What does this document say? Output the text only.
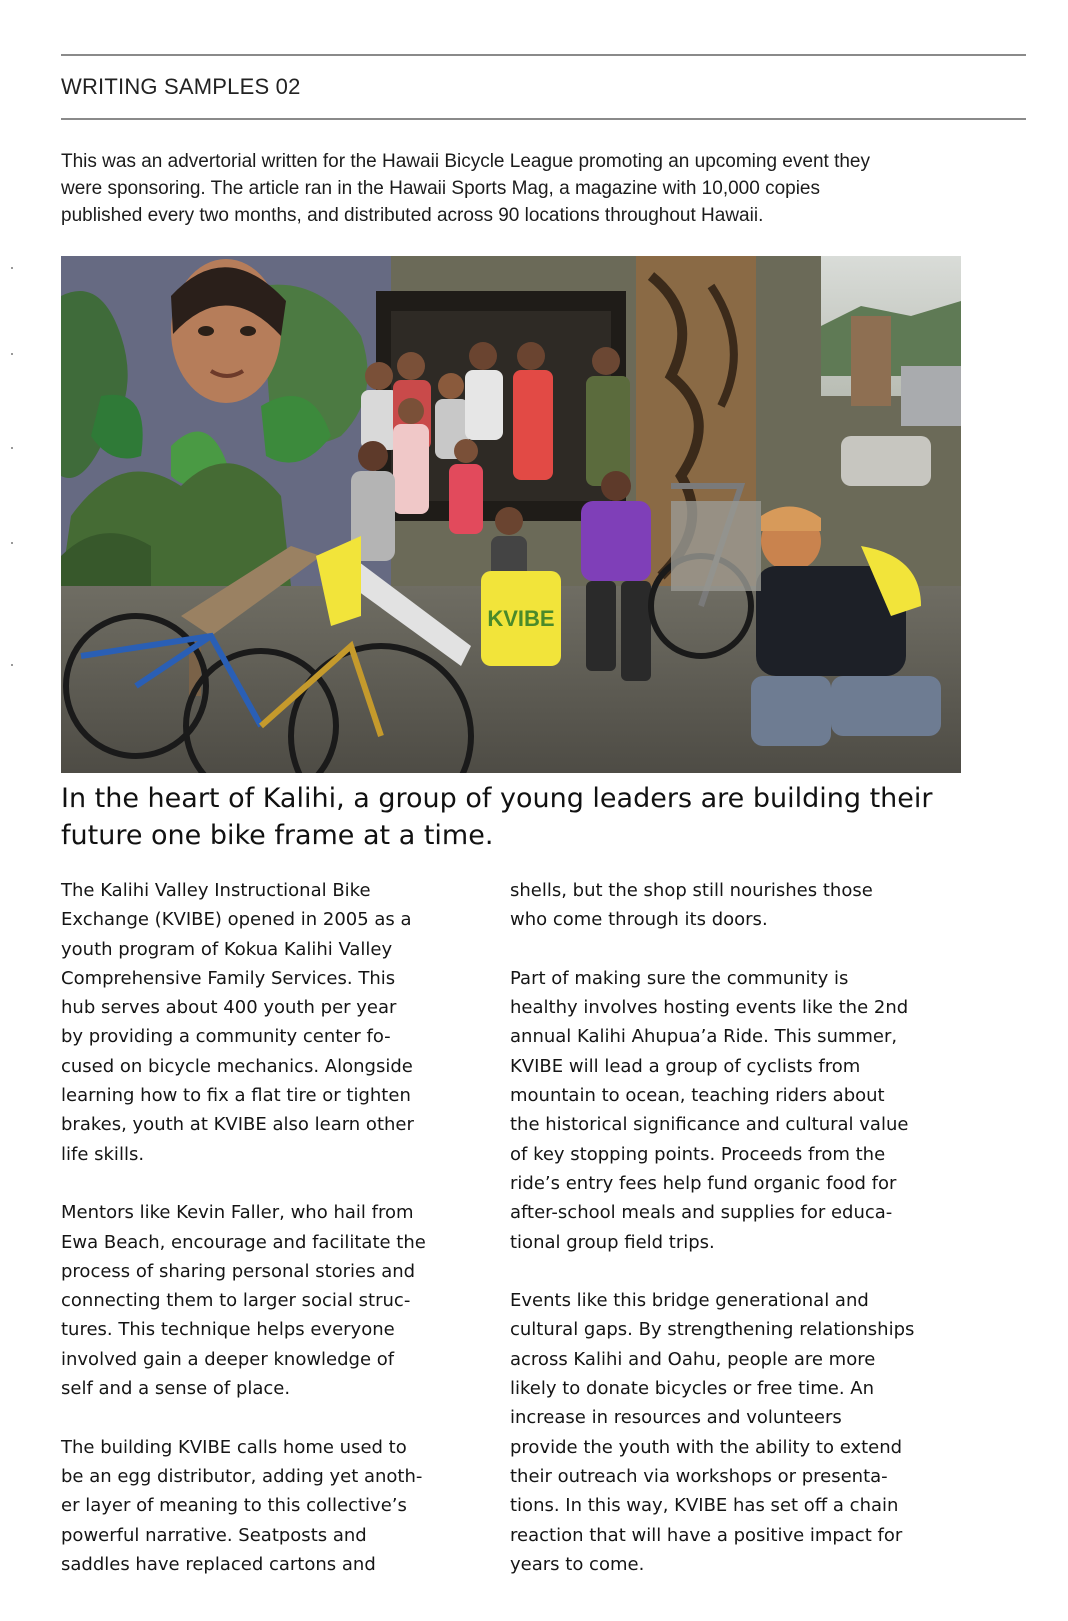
WRITING SAMPLES 02
This was an advertorial written for the Hawaii Bicycle League promoting an upcoming event they
were sponsoring. The article ran in the Hawaii Sports Mag, a magazine with 10,000 copies
published every two months, and distributed across 90 locations throughout Hawaii.
KVIBE
In the heart of Kalihi, a group of young leaders are building their
future one bike frame at a time.

The Kalihi Valley Instructional Bike
Exchange (KVIBE) opened in 2005 as a
youth program of Kokua Kalihi Valley
Comprehensive Family Services. This
hub serves about 400 youth per year
by providing a community center fo-
cused on bicycle mechanics. Alongside
learning how to fix a flat tire or tighten
brakes, youth at KVIBE also learn other
life skills.

Mentors like Kevin Faller, who hail from
Ewa Beach, encourage and facilitate the
process of sharing personal stories and
connecting them to larger social struc-
tures. This technique helps everyone
involved gain a deeper knowledge of
self and a sense of place.

The building KVIBE calls home used to
be an egg distributor, adding yet anoth-
er layer of meaning to this collective’s
powerful narrative. Seatposts and
saddles have replaced cartons and

shells, but the shop still nourishes those
who come through its doors.

Part of making sure the community is
healthy involves hosting events like the 2nd
annual Kalihi Ahupua’a Ride. This summer,
KVIBE will lead a group of cyclists from
mountain to ocean, teaching riders about
the historical significance and cultural value
of key stopping points. Proceeds from the
ride’s entry fees help fund organic food for
after-school meals and supplies for educa-
tional group field trips.

Events like this bridge generational and
cultural gaps. By strengthening relationships
across Kalihi and Oahu, people are more
likely to donate bicycles or free time. An
increase in resources and volunteers
provide the youth with the ability to extend
their outreach via workshops or presenta-
tions. In this way, KVIBE has set off a chain
reaction that will have a positive impact for
years to come.
